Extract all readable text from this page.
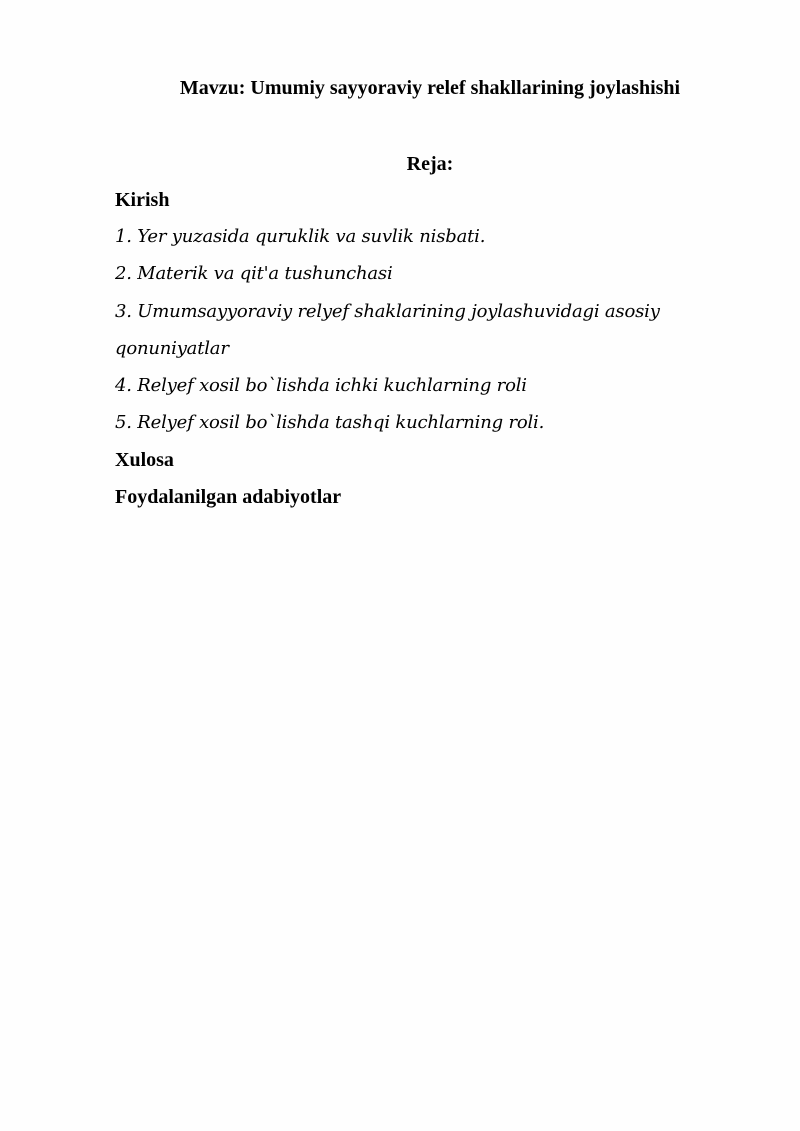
Mavzu: Umumiy sayyoraviy relef shakllarining joylashishi
Reja:
Kirish
1. Yer yuzasida quruklik va suvlik nisbati.
2. Materik va qit'a tushunchasi
3. Umumsayyoraviy relyef shaklarining joylashuvidagi asosiy
qonuniyatlar
4. Relyef xosil bo`lishda ichki kuchlarning roli
5. Relyef xosil bo`lishda tashqi kuchlarning roli.
Xulosa
Foydalanilgan adabiyotlar
